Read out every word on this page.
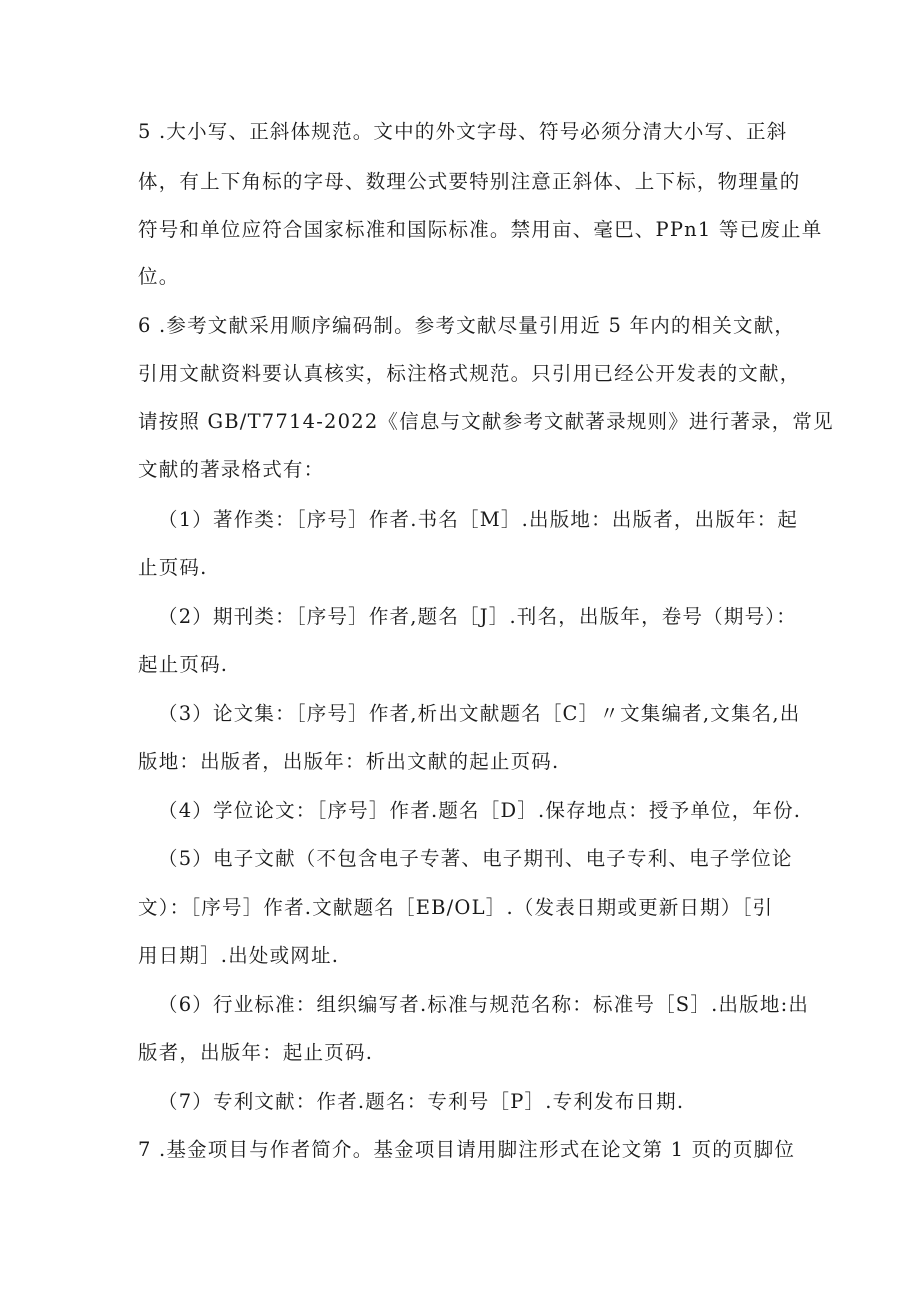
5 .大小写、正斜体规范。文中的外文字母、符号必须分清大小写、正斜
体，有上下角标的字母、数理公式要特别注意正斜体、上下标，物理量的
符号和单位应符合国家标准和国际标准。禁用亩、毫巴、PPn1 等已废止单
位。
6 .参考文献采用顺序编码制。参考文献尽量引用近 5 年内的相关文献，
引用文献资料要认真核实，标注格式规范。只引用已经公开发表的文献，
请按照 GB/T7714-2022《信息与文献参考文献著录规则》进行著录，常见
文献的著录格式有：
（1）著作类：［序号］作者.书名［M］.出版地：出版者，出版年：起
止页码.
（2）期刊类：［序号］作者,题名［J］.刊名，出版年，卷号（期号）：
起止页码.
（3）论文集：［序号］作者,析出文献题名［C］〃文集编者,文集名,出
版地：出版者，出版年：析出文献的起止页码.
（4）学位论文：［序号］作者.题名［D］.保存地点：授予单位，年份.
（5）电子文献（不包含电子专著、电子期刊、电子专利、电子学位论
文）：［序号］作者.文献题名［EB/OL］.（发表日期或更新日期）［引
用日期］.出处或网址.
（6）行业标准：组织编写者.标准与规范名称：标准号［S］.出版地:出
版者，出版年：起止页码.
（7）专利文献：作者.题名：专利号［P］.专利发布日期.
7 .基金项目与作者简介。基金项目请用脚注形式在论文第 1 页的页脚位
